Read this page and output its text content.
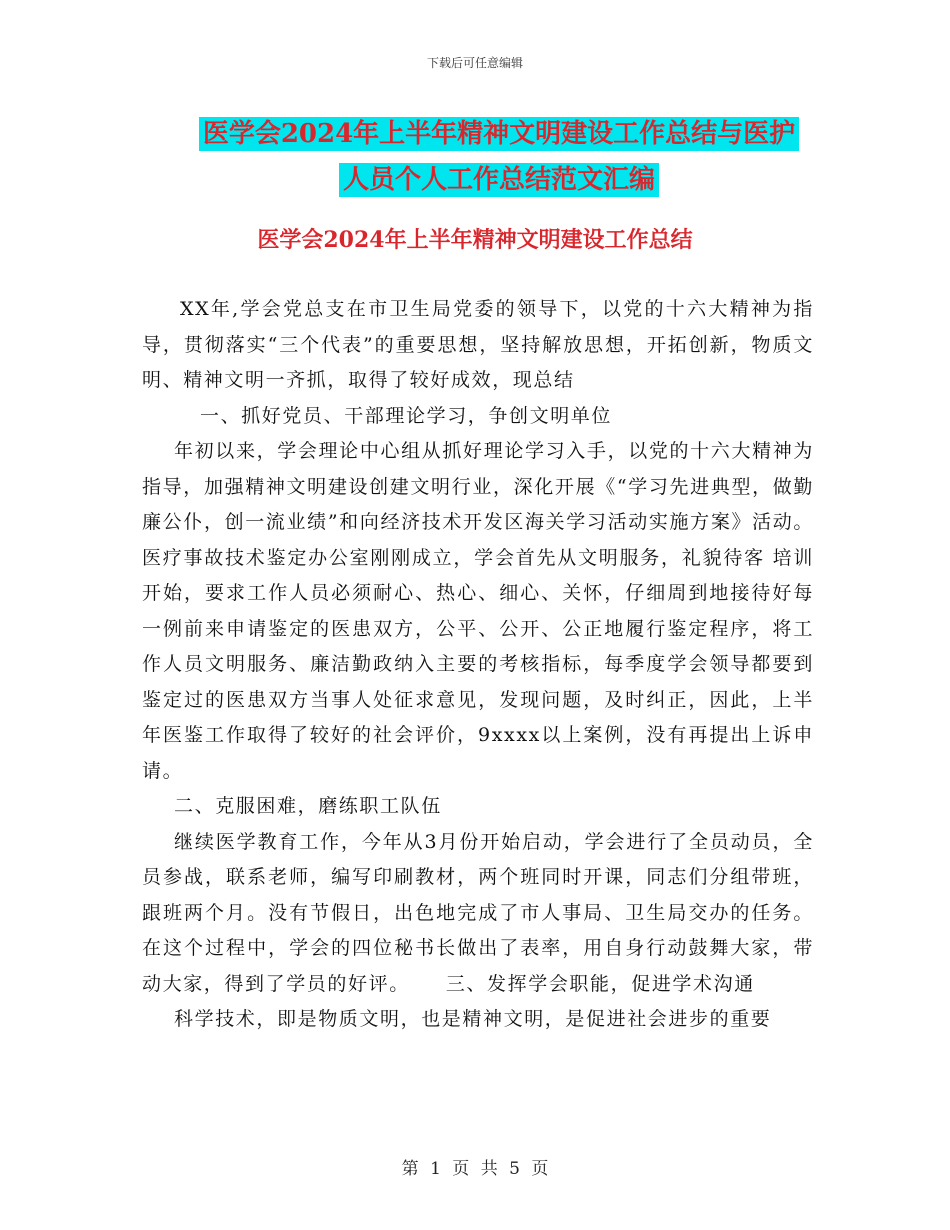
下载后可任意编辑
医学会2024年上半年精神文明建设工作总结与医护人员个人工作总结范文汇编
医学会2024年上半年精神文明建设工作总结

XX年,学会党总支在市卫生局党委的领导下，以党的十六大精神为指导，贯彻落实“三个代表”的重要思想，坚持解放思想，开拓创新，物质文明、精神文明一齐抓，取得了较好成效，现总结

一、抓好党员、干部理论学习，争创文明单位

年初以来，学会理论中心组从抓好理论学习入手，以党的十六大精神为指导，加强精神文明建设创建文明行业，深化开展《“学习先进典型，做勤廉公仆，创一流业绩”和向经济技术开发区海关学习活动实施方案》活动。医疗事故技术鉴定办公室刚刚成立，学会首先从文明服务，礼貌待客 培训开始，要求工作人员必须耐心、热心、细心、关怀，仔细周到地接待好每一例前来申请鉴定的医患双方，公平、公开、公正地履行鉴定程序，将工作人员文明服务、廉洁勤政纳入主要的考核指标，每季度学会领导都要到鉴定过的医患双方当事人处征求意见，发现问题，及时纠正，因此，上半年医鉴工作取得了较好的社会评价，9xxxx以上案例，没有再提出上诉申请。

二、克服困难，磨练职工队伍

继续医学教育工作，今年从3月份开始启动，学会进行了全员动员，全员参战，联系老师，编写印刷教材，两个班同时开课，同志们分组带班，跟班两个月。没有节假日，出色地完成了市人事局、卫生局交办的任务。在这个过程中，学会的四位秘书长做出了表率，用自身行动鼓舞大家，带动大家，得到了学员的好评。 三、发挥学会职能，促进学术沟通

科学技术，即是物质文明，也是精神文明，是促进社会进步的重要

第 1 页 共 5 页
